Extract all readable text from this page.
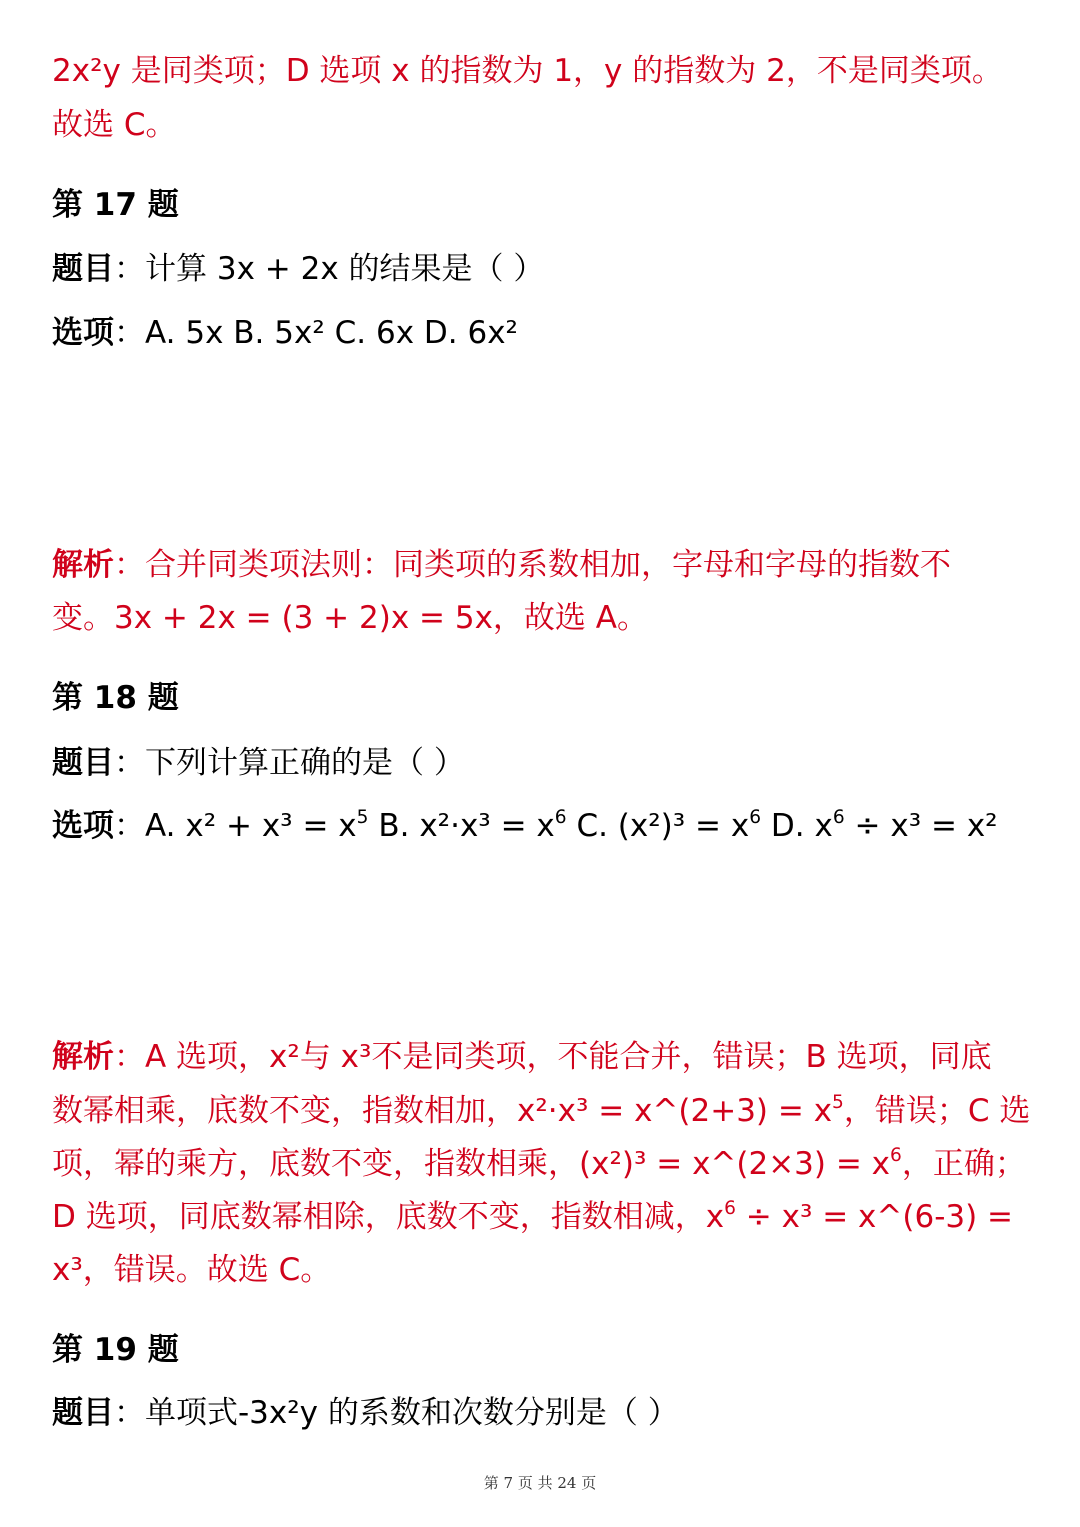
2x²y 是同类项；D 选项 x 的指数为 1，y 的指数为 2，不是同类项。
故选 C。
第 17 题
题目：计算 3x + 2x 的结果是（ ）
选项：A. 5x B. 5x² C. 6x D. 6x²
解析：合并同类项法则：同类项的系数相加，字母和字母的指数不
变。3x + 2x = (3 + 2)x = 5x，故选 A。
第 18 题
题目：下列计算正确的是（ ）
选项：A. $x^2 + x^3 = x^5$ B. $x^2\cdot x^3 = x^6$ C. $(x^2)^3 = x^6$ D. $x^6 \div x^3 = x^2$
解析：A 选项，x²与 x³不是同类项，不能合并，错误；B 选项，同底
数幂相乘，底数不变，指数相加，x²·x³ = x^(2+3) = $x^5$，错误；C 选
项，幂的乘方，底数不变，指数相乘，(x²)³ = x^(2×3) = $x^6$，正确；
D 选项，同底数幂相除，底数不变，指数相减，$x^6 \div x^3$ = x^(6-3) =
x³，错误。故选 C。
第 19 题
题目：单项式-3x²y 的系数和次数分别是（ ）
第 7 页 共 24 页
